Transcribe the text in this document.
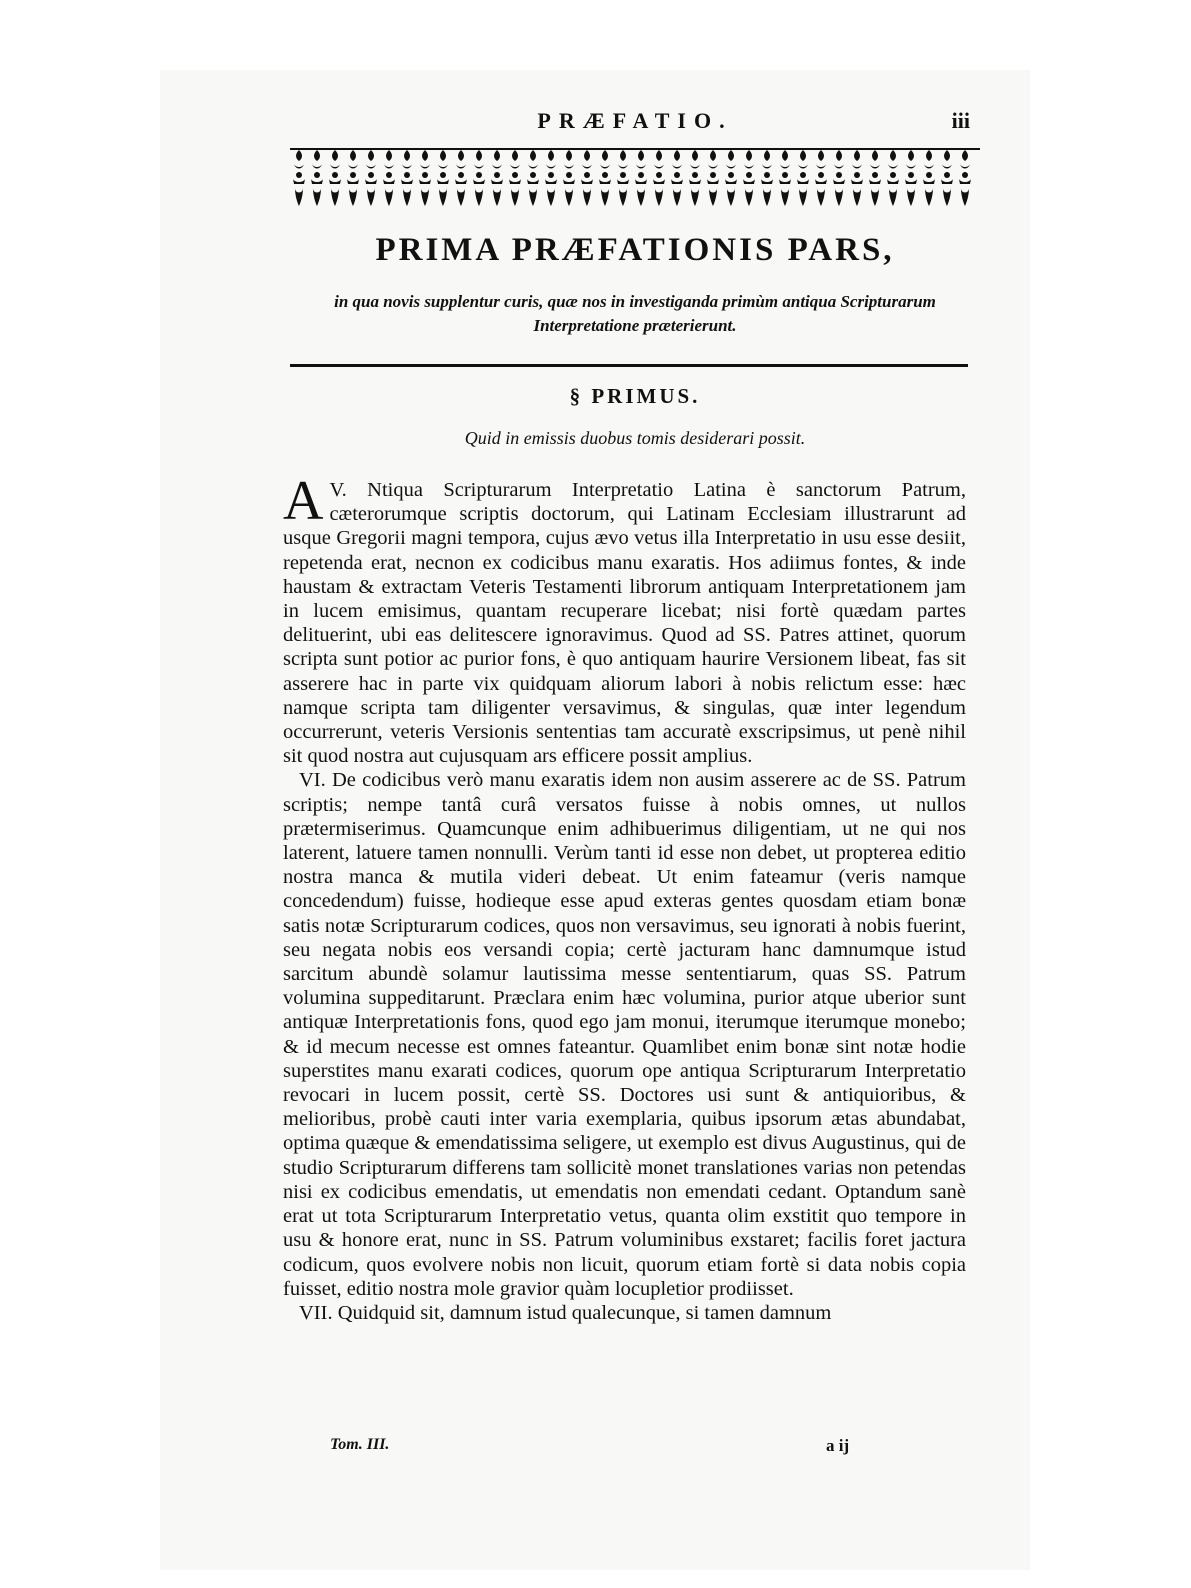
PRÆFATIO.	iii
PRIMA PRÆFATIONIS PARS,
in qua novis supplentur curis, quæ nos in investiganda primùm antiqua Scripturarum Interpretatione præterierunt.
§ PRIMUS.
Quid in emissis duobus tomis desiderari possit.

V.
A Ntiqua Scripturarum Interpretatio Latina è sanctorum Patrum, cæterorumque scriptis doctorum, qui Latinam Ecclesiam illustrarunt ad usque Gregorii magni tempora, cujus ævo vetus illa Interpretatio in usu esse desiit, repetenda erat, necnon ex codicibus manu exaratis. Hos adiimus fontes, & inde haustam & extractam Veteris Testamenti librorum antiquam Interpretationem jam in lucem emisimus, quantam recuperare licebat; nisi fortè quædam partes delituerint, ubi eas delitescere ignoravimus. Quod ad SS. Patres attinet, quorum scripta sunt potior ac purior fons, è quo antiquam haurire Versionem libeat, fas sit asserere hac in parte vix quidquam aliorum labori à nobis relictum esse: hæc namque scripta tam diligenter versavimus, & singulas, quæ inter legendum occurrerunt, veteris Versionis sententias tam accuratè exscripsimus, ut penè nihil sit quod nostra aut cujusquam ars efficere possit amplius.

VI. De codicibus verò manu exaratis idem non ausim asserere ac de SS. Patrum scriptis; nempe tantâ curâ versatos fuisse à nobis omnes, ut nullos prætermiserimus. Quamcunque enim adhibuerimus diligentiam, ut ne qui nos laterent, latuere tamen nonnulli. Verùm tanti id esse non debet, ut propterea editio nostra manca & mutila videri debeat. Ut enim fateamur (veris namque concedendum) fuisse, hodieque esse apud exteras gentes quosdam etiam bonæ satis notæ Scripturarum codices, quos non versavimus, seu ignorati à nobis fuerint, seu negata nobis eos versandi copia; certè jacturam hanc damnumque istud sarcitum abundè solamur lautissima messe sententiarum, quas SS. Patrum volumina suppeditarunt. Præclara enim hæc volumina, purior atque uberior sunt antiquæ Interpretationis fons, quod ego jam monui, iterumque iterumque monebo; & id mecum necesse est omnes fateantur. Quamlibet enim bonæ sint notæ hodie superstites manu exarati codices, quorum ope antiqua Scripturarum Interpretatio revocari in lucem possit, certè SS. Doctores usi sunt & antiquioribus, & melioribus, probè cauti inter varia exemplaria, quibus ipsorum ætas abundabat, optima quæque & emendatissima seligere, ut exemplo est divus Augustinus, qui de studio Scripturarum differens tam sollicitè monet translationes varias non petendas nisi ex codicibus emendatis, ut emendatis non emendati cedant. Optandum sanè erat ut tota Scripturarum Interpretatio vetus, quanta olim exstitit quo tempore in usu & honore erat, nunc in SS. Patrum voluminibus exstaret; facilis foret jactura codicum, quos evolvere nobis non licuit, quorum etiam fortè si data nobis copia fuisset, editio nostra mole gravior quàm locupletior prodiisset.

VII. Quidquid sit, damnum istud qualecunque, si tamen damnum

Tom. III.	a ij
